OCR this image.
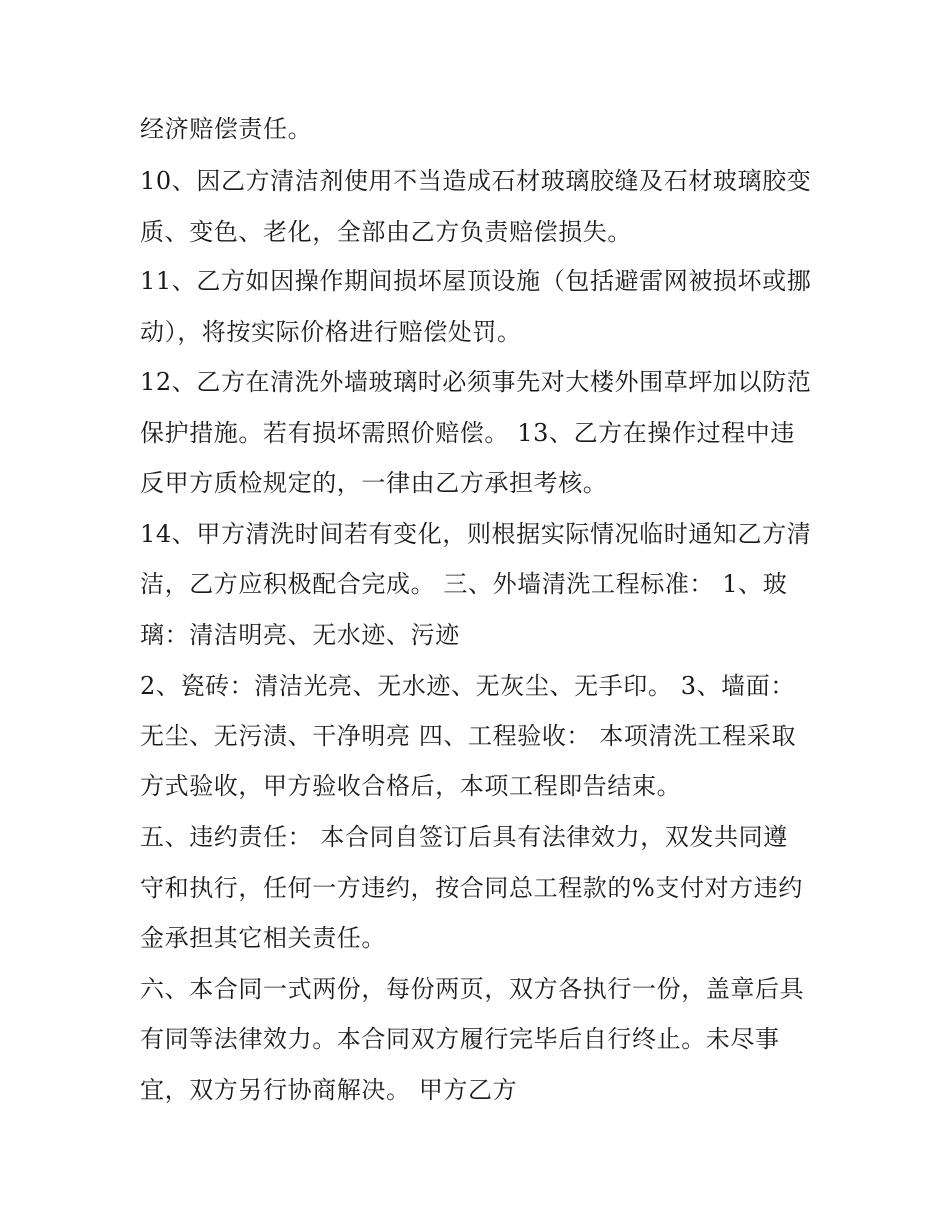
经济赔偿责任。
10、因乙方清洁剂使用不当造成石材玻璃胶缝及石材玻璃胶变
质、变色、老化，全部由乙方负责赔偿损失。
11、乙方如因操作期间损坏屋顶设施（包括避雷网被损坏或挪
动），将按实际价格进行赔偿处罚。
12、乙方在清洗外墙玻璃时必须事先对大楼外围草坪加以防范
保护措施。若有损坏需照价赔偿。 13、乙方在操作过程中违
反甲方质检规定的，一律由乙方承担考核。
14、甲方清洗时间若有变化，则根据实际情况临时通知乙方清
洁，乙方应积极配合完成。 三、外墙清洗工程标准： 1、玻
璃：清洁明亮、无水迹、污迹
2、瓷砖：清洁光亮、无水迹、无灰尘、无手印。 3、墙面：
无尘、无污渍、干净明亮 四、工程验收： 本项清洗工程采取
方式验收，甲方验收合格后，本项工程即告结束。
五、违约责任： 本合同自签订后具有法律效力，双发共同遵
守和执行，任何一方违约，按合同总工程款的%支付对方违约
金承担其它相关责任。
六、本合同一式两份，每份两页，双方各执行一份，盖章后具
有同等法律效力。本合同双方履行完毕后自行终止。未尽事
宜，双方另行协商解决。 甲方乙方
